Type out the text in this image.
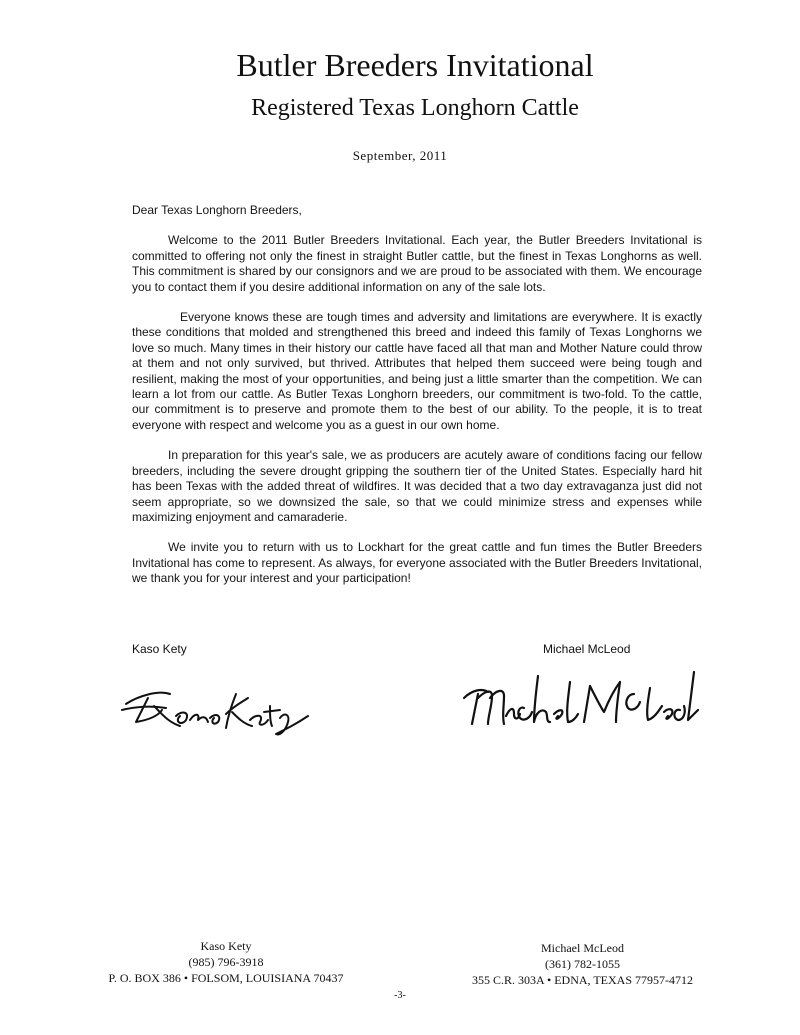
Butler Breeders Invitational
Registered Texas Longhorn Cattle
September, 2011

Dear Texas Longhorn Breeders,

Welcome to the 2011 Butler Breeders Invitational. Each year, the Butler Breeders Invitational is committed to offering not only the finest in straight Butler cattle, but the finest in Texas Longhorns as well. This commitment is shared by our consignors and we are proud to be associated with them. We encourage you to contact them if you desire additional information on any of the sale lots.

Everyone knows these are tough times and adversity and limitations are everywhere. It is exactly these conditions that molded and strengthened this breed and indeed this family of Texas Longhorns we love so much. Many times in their history our cattle have faced all that man and Mother Nature could throw at them and not only survived, but thrived. Attributes that helped them succeed were being tough and resilient, making the most of your opportunities, and being just a little smarter than the competition. We can learn a lot from our cattle. As Butler Texas Longhorn breeders, our commitment is two-fold. To the cattle, our commitment is to preserve and promote them to the best of our ability. To the people, it is to treat everyone with respect and welcome you as a guest in our own home.

In preparation for this year's sale, we as producers are acutely aware of conditions facing our fellow breeders, including the severe drought gripping the southern tier of the United States. Especially hard hit has been Texas with the added threat of wildfires. It was decided that a two day extravaganza just did not seem appropriate, so we downsized the sale, so that we could minimize stress and expenses while maximizing enjoyment and camaraderie.

We invite you to return with us to Lockhart for the great cattle and fun times the Butler Breeders Invitational has come to represent. As always, for everyone associated with the Butler Breeders Invitational, we thank you for your interest and your participation!

Kaso Kety	Michael McLeod
Kaso Kety
(985) 796-3918
P. O. BOX 386 • FOLSOM, LOUISIANA 70437
Michael McLeod
(361) 782-1055
355 C.R. 303A • EDNA, TEXAS 77957-4712
-3-
